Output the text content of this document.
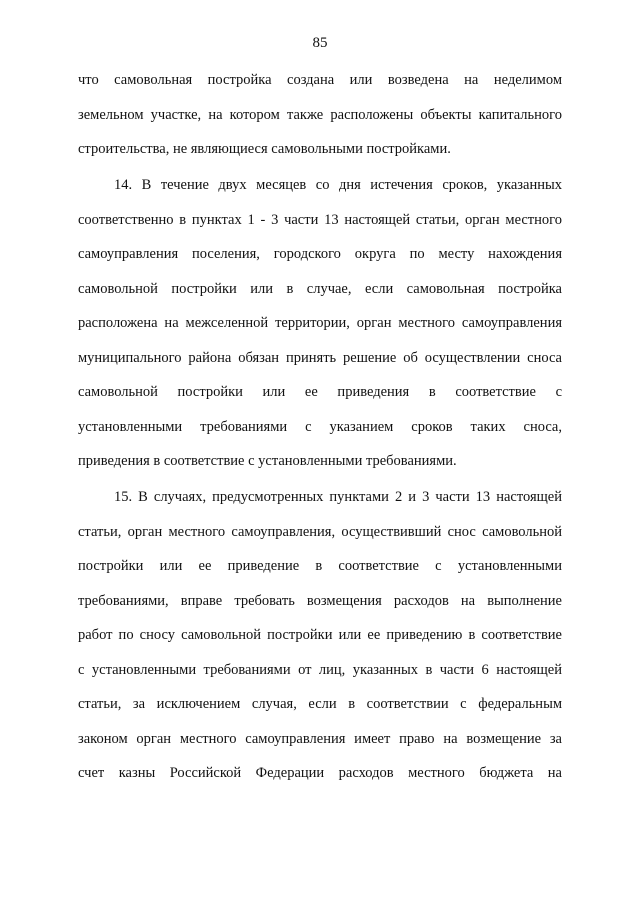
85
что самовольная постройка создана или возведена на неделимом
земельном участке, на котором также расположены объекты капитального
строительства, не являющиеся самовольными постройками.
14. В течение двух месяцев со дня истечения сроков, указанных
соответственно в пунктах 1 - 3 части 13 настоящей статьи, орган местного
самоуправления поселения, городского округа по месту нахождения
самовольной постройки или в случае, если самовольная постройка
расположена на межселенной территории, орган местного самоуправления
муниципального района обязан принять решение об осуществлении сноса
самовольной постройки или ее приведения в соответствие с
установленными требованиями с указанием сроков таких сноса,
приведения в соответствие с установленными требованиями.
15. В случаях, предусмотренных пунктами 2 и 3 части 13 настоящей
статьи, орган местного самоуправления, осуществивший снос самовольной
постройки или ее приведение в соответствие с установленными
требованиями, вправе требовать возмещения расходов на выполнение
работ по сносу самовольной постройки или ее приведению в соответствие
с установленными требованиями от лиц, указанных в части 6 настоящей
статьи, за исключением случая, если в соответствии с федеральным
законом орган местного самоуправления имеет право на возмещение за
счет казны Российской Федерации расходов местного бюджета на
